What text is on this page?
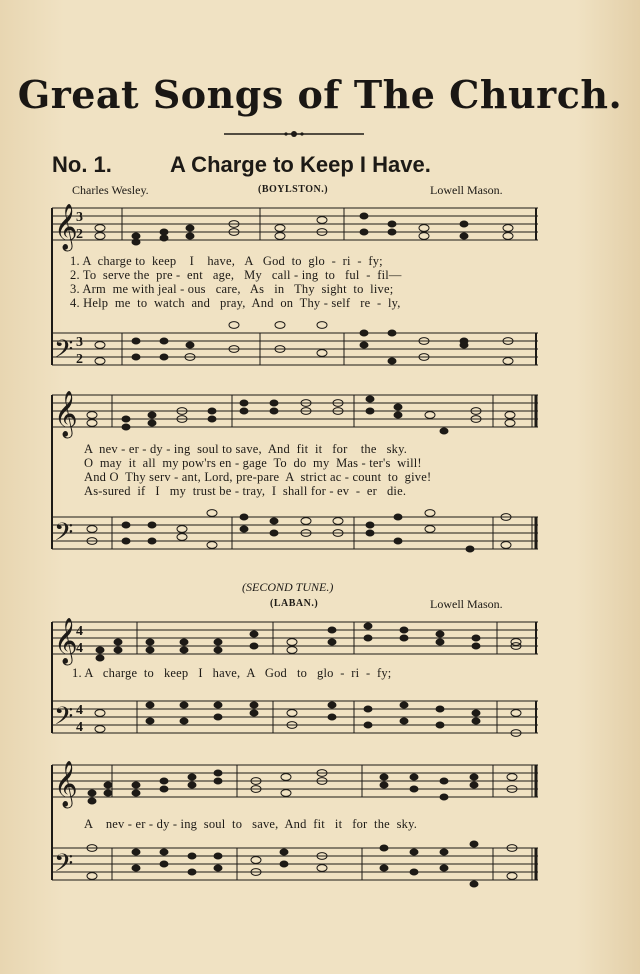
Great Songs of The Church.
No. 1.	A Charge to Keep I Have.
Charles Wesley.	(BOYLSTON.)	Lowell Mason.
1. A  charge to  keep    I    have,   A   God  to  glo  -  ri  -  fy;
2. To  serve the  pre -  ent   age,   My   call - ing  to   ful  -  fil—
3. Arm  me with jeal - ous   care,   As   in   Thy  sight  to  live;
4. Help  me  to  watch  and   pray,  And  on  Thy - self   re  -  ly,
A  nev - er - dy - ing  soul to save,  And  fit  it   for    the   sky.
O  may  it  all  my pow'rs en - gage  To  do  my  Mas - ter's  will!
And O  Thy serv - ant, Lord, pre-pare  A  strict ac - count  to  give!
As-sured  if   I   my  trust be - tray,  I  shall for - ev  -  er   die.
(SECOND TUNE.)
(LABAN.)	Lowell Mason.
1. A   charge  to   keep   I   have,  A   God   to   glo  -  ri  -  fy;
A    nev - er - dy - ing  soul  to   save,  And  fit   it   for  the  sky.
𝄞
𝄢
𝄞
𝄢
𝄞
𝄢
𝄞
𝄢
3
2
3
2
4
4
4
4
